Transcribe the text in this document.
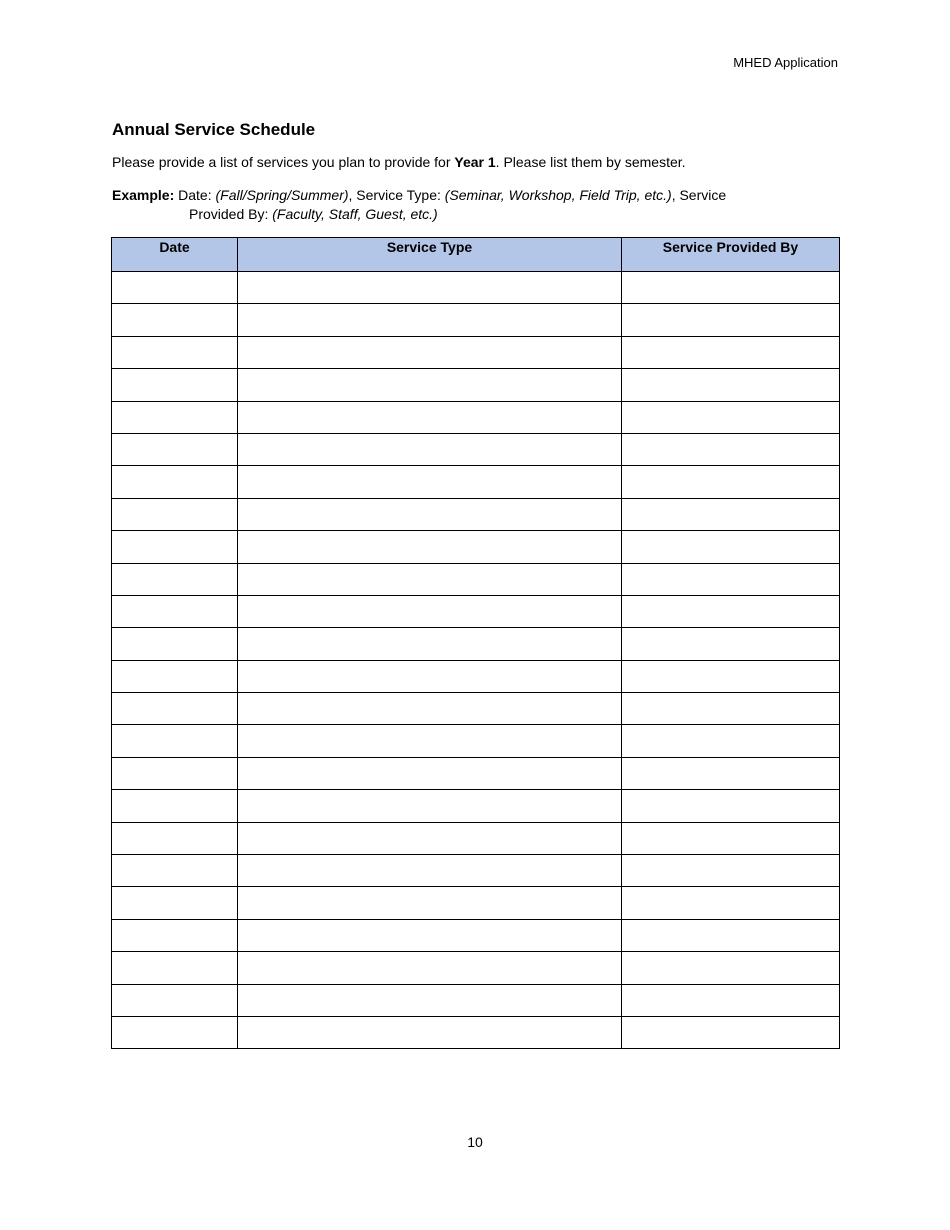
MHED Application
Annual Service Schedule

Please provide a list of services you plan to provide for Year 1. Please list them by semester.

Example: Date: (Fall/Spring/Summer), Service Type: (Seminar, Workshop, Field Trip, etc.), Service
Provided By: (Faculty, Staff, Guest, etc.)

Date	Service Type	Service Provided By

10
